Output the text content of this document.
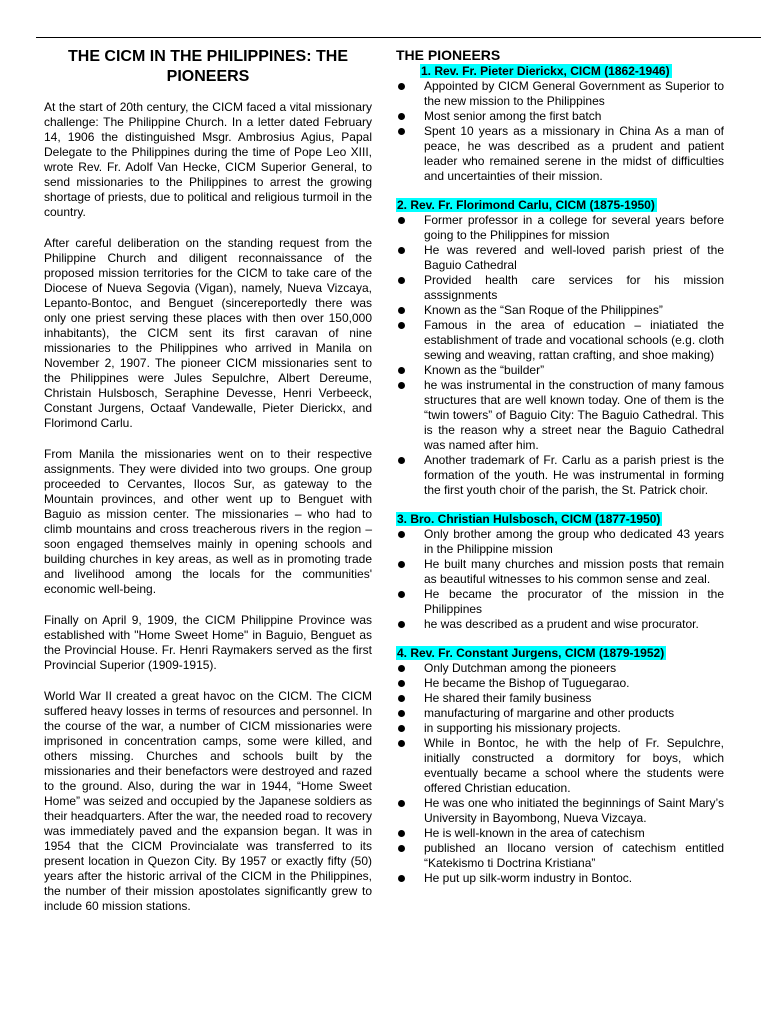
THE CICM IN THE PHILIPPINES: THE PIONEERS

At the start of 20th century, the CICM faced a vital missionary challenge: The Philippine Church. In a letter dated February 14, 1906 the distinguished Msgr. Ambrosius Agius, Papal Delegate to the Philippines during the time of Pope Leo XIII, wrote Rev. Fr. Adolf Van Hecke, CICM Superior General, to send missionaries to the Philippines to arrest the growing shortage of priests, due to political and religious turmoil in the country.

After careful deliberation on the standing request from the Philippine Church and diligent reconnaissance of the proposed mission territories for the CICM to take care of the Diocese of Nueva Segovia (Vigan), namely, Nueva Vizcaya, Lepanto-Bontoc, and Benguet (sincereportedly there was only one priest serving these places with then over 150,000 inhabitants), the CICM sent its first caravan of nine missionaries to the Philippines who arrived in Manila on November 2, 1907. The pioneer CICM missionaries sent to the Philippines were Jules Sepulchre, Albert Dereume, Christain Hulsbosch, Seraphine Devesse, Henri Verbeeck, Constant Jurgens, Octaaf Vandewalle, Pieter Dierickx, and Florimond Carlu.

From Manila the missionaries went on to their respective assignments. They were divided into two groups. One group proceeded to Cervantes, Ilocos Sur, as gateway to the Mountain provinces, and other went up to Benguet with Baguio as mission center. The missionaries – who had to climb mountains and cross treacherous rivers in the region – soon engaged themselves mainly in opening schools and building churches in key areas, as well as in promoting trade and livelihood among the locals for the communities' economic well-being.

Finally on April 9, 1909, the CICM Philippine Province was established with "Home Sweet Home" in Baguio, Benguet as the Provincial House. Fr. Henri Raymakers served as the first Provincial Superior (1909-1915).

World War II created a great havoc on the CICM. The CICM suffered heavy losses in terms of resources and personnel. In the course of the war, a number of CICM missionaries were imprisoned in concentration camps, some were killed, and others missing. Churches and schools built by the missionaries and their benefactors were destroyed and razed to the ground. Also, during the war in 1944, “Home Sweet Home” was seized and occupied by the Japanese soldiers as their headquarters. After the war, the needed road to recovery was immediately paved and the expansion began. It was in 1954 that the CICM Provincialate was transferred to its present location in Quezon City. By 1957 or exactly fifty (50) years after the historic arrival of the CICM in the Philippines, the number of their mission apostolates significantly grew to include 60 mission stations.

THE PIONEERS
1. Rev. Fr. Pieter Dierickx, CICM (1862-1946)
Appointed by CICM General Government as Superior to the new mission to the Philippines
Most senior among the first batch
Spent 10 years as a missionary in China As a man of peace, he was described as a prudent and patient leader who remained serene in the midst of difficulties and uncertainties of their mission.
2. Rev. Fr. Florimond Carlu, CICM (1875-1950)
Former professor in a college for several years before going to the Philippines for mission
He was revered and well-loved parish priest of the Baguio Cathedral
Provided health care services for his mission asssignments
Known as the “San Roque of the Philippines”
Famous in the area of education – iniatiated the establishment of trade and vocational schools (e.g. cloth sewing and weaving, rattan crafting, and shoe making)
Known as the “builder”
he was instrumental in the construction of many famous structures that are well known today. One of them is the “twin towers” of Baguio City: The Baguio Cathedral. This is the reason why a street near the Baguio Cathedral was named after him.
Another trademark of Fr. Carlu as a parish priest is the formation of the youth. He was instrumental in forming the first youth choir of the parish, the St. Patrick choir.
3. Bro. Christian Hulsbosch, CICM (1877-1950)
Only brother among the group who dedicated 43 years in the Philippine mission
He built many churches and mission posts that remain as beautiful witnesses to his common sense and zeal.
He became the procurator of the mission in the Philippines
he was described as a prudent and wise procurator.
4. Rev. Fr. Constant Jurgens, CICM (1879-1952)
Only Dutchman among the pioneers
He became the Bishop of Tuguegarao.
He shared their family business
manufacturing of margarine and other products
in supporting his missionary projects.
While in Bontoc, he with the help of Fr. Sepulchre, initially constructed a dormitory for boys, which eventually became a school where the students were offered Christian education.
He was one who initiated the beginnings of Saint Mary’s University in Bayombong, Nueva Vizcaya.
He is well-known in the area of catechism
published an Ilocano version of catechism entitled “Katekismo ti Doctrina Kristiana”
He put up silk-worm industry in Bontoc.
